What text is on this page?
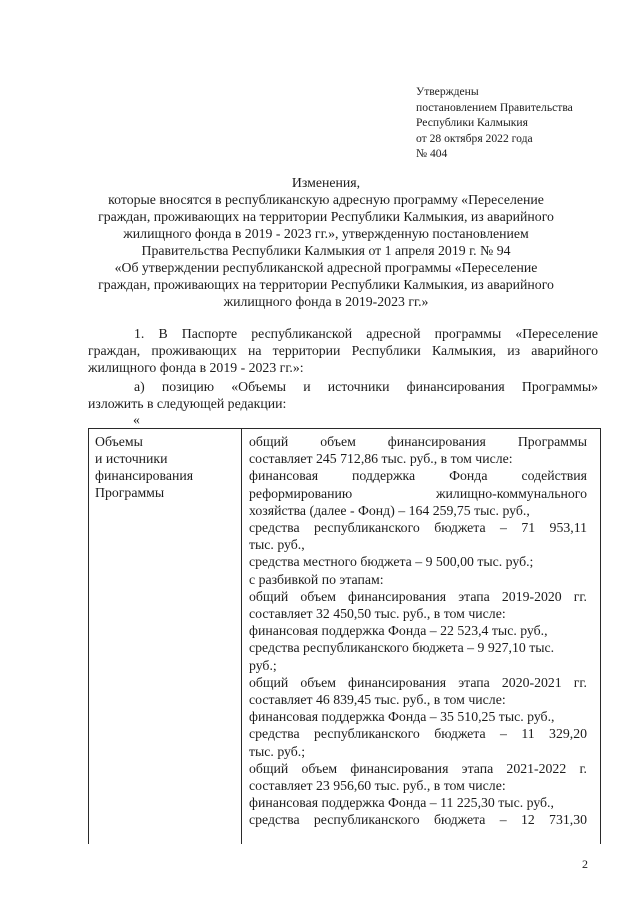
Утверждены
постановлением Правительства
Республики Калмыкия
от 28 октября 2022 года
№ 404
Изменения,
которые вносятся в республиканскую адресную программу «Переселение
граждан, проживающих на территории Республики Калмыкия, из аварийного
жилищного фонда в 2019 - 2023 гг.», утвержденную постановлением
Правительства Республики Калмыкия от 1 апреля 2019 г. № 94
«Об утверждении республиканской адресной программы «Переселение
граждан, проживающих на территории Республики Калмыкия, из аварийного
жилищного фонда в 2019-2023 гг.»
1. В Паспорте республиканской адресной программы «Переселение
граждан, проживающих на территории Республики Калмыкия, из аварийного
жилищного фонда в 2019 - 2023 гг.»:
а) позицию «Объемы и источники финансирования Программы»
изложить в следующей редакции:
«
Объемы
и источники
финансирования
Программы
общий объем финансирования Программы
составляет 245 712,86 тыс. руб., в том числе:
финансовая поддержка Фонда содействия
реформированию жилищно-коммунального
хозяйства (далее - Фонд) – 164 259,75 тыс. руб.,
средства республиканского бюджета – 71 953,11
тыс. руб.,
средства местного бюджета – 9 500,00 тыс. руб.;
с разбивкой по этапам:
общий объем финансирования этапа 2019-2020 гг.
составляет 32 450,50 тыс. руб., в том числе:
финансовая поддержка Фонда – 22 523,4 тыс. руб.,
средства республиканского бюджета – 9 927,10 тыс.
руб.;
общий объем финансирования этапа 2020-2021 гг.
составляет 46 839,45 тыс. руб., в том числе:
финансовая поддержка Фонда – 35 510,25 тыс. руб.,
средства республиканского бюджета – 11 329,20
тыс. руб.;
общий объем финансирования этапа 2021-2022 г.
составляет 23 956,60 тыс. руб., в том числе:
финансовая поддержка Фонда – 11 225,30 тыс. руб.,
средства республиканского бюджета – 12 731,30
2
